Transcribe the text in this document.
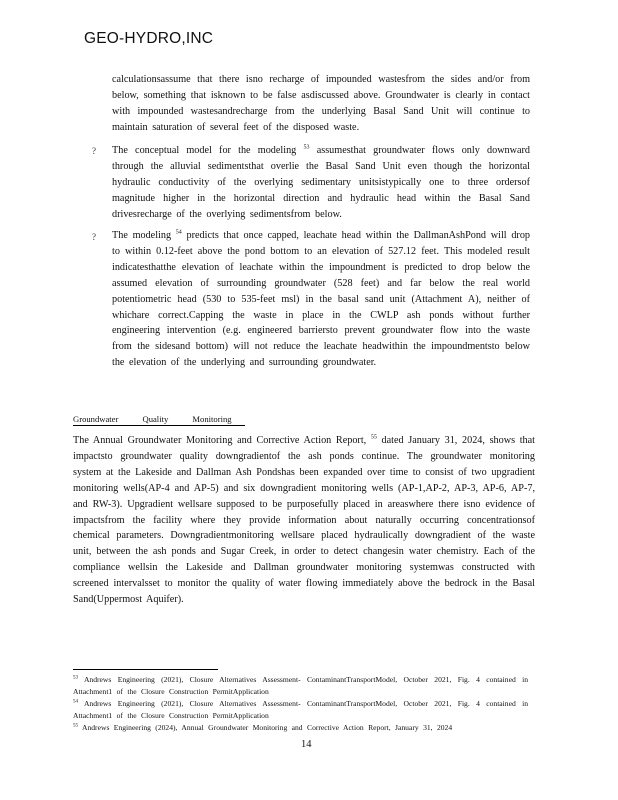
GEO-HYDRO,INC
calculationsassume that there isno recharge of impounded wastesfrom the sides and/or from below, something that isknown to be false asdiscussed above. Groundwater is clearly in contact with impounded wastesandrecharge from the underlying Basal Sand Unit will continue to maintain saturation of several feet of the disposed waste.
? The conceptual model for the modeling $^{53}$ assumesthat groundwater flows only downward through the alluvial sedimentsthat overlie the Basal Sand Unit even though the horizontal hydraulic conductivity of the overlying sedimentary unitsistypically one to three ordersof magnitude higher in the horizontal direction and hydraulic head within the Basal Sand drivesrecharge of the overlying sedimentsfrom below.
? The modeling $^{54}$ predicts that once capped, leachate head within the DallmanAshPond will drop to within 0.12-feet above the pond bottom to an elevation of 527.12 feet. This modeled result indicatesthatthe elevation of leachate within the impoundment is predicted to drop below the assumed elevation of surrounding groundwater (528 feet) and far below the real world potentiometric head (530 to 535-feet msl) in the basal sand unit (Attachment A), neither of whichare correct.Capping the waste in place in the CWLP ash ponds without further engineering intervention (e.g. engineered barriersto prevent groundwater flow into the waste from the sidesand bottom) will not reduce the leachate headwithin the impoundmentsto below the elevation of the underlying and surrounding groundwater.
Groundwater Quality Monitoring
The Annual Groundwater Monitoring and Corrective Action Report, $^{55}$ dated January 31, 2024, shows that impactsto groundwater quality downgradientof the ash ponds continue. The groundwater monitoring system at the Lakeside and Dallman Ash Pondshas been expanded over time to consist of two upgradient monitoring wells(AP-4 and AP-5) and six downgradient monitoring wells (AP-1,AP-2, AP-3, AP-6, AP-7, and RW-3). Upgradient wellsare supposed to be purposefully placed in areaswhere there isno evidence of impactsfrom the facility where they provide information about naturally occurring concentrationsof chemical parameters. Downgradientmonitoring wellsare placed hydraulically downgradient of the waste unit, between the ash ponds and Sugar Creek, in order to detect changesin water chemistry. Each of the compliance wellsin the Lakeside and Dallman groundwater monitoring systemwas constructed with screened intervalsset to monitor the quality of water flowing immediately above the bedrock in the Basal Sand(Uppermost Aquifer).
$^{53}$ Andrews Engineering (2021), Closure Alternatives Assessment- ContaminantTransportModel, October 2021, Fig. 4 contained in Attachment1 of the Closure Construction PermitApplication
$^{54}$ Andrews Engineering (2021), Closure Alternatives Assessment- ContaminantTransportModel, October 2021, Fig. 4 contained in Attachment1 of the Closure Construction PermitApplication
$^{55}$ Andrews Engineering (2024), Annual Groundwater Monitoring and Corrective Action Report, January 31, 2024
14
